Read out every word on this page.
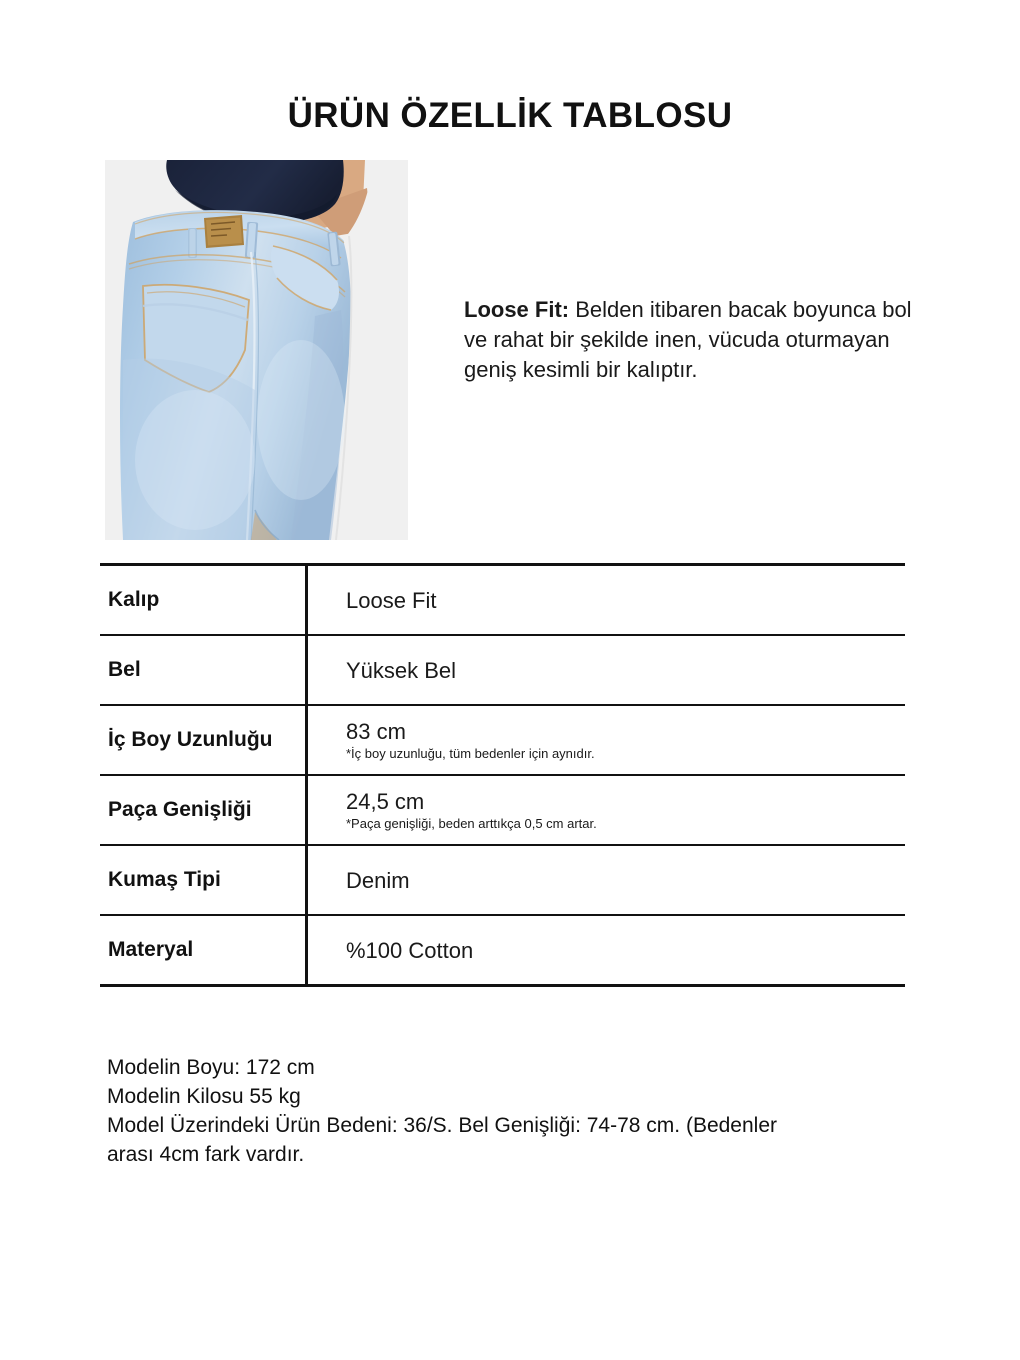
ÜRÜN ÖZELLİK TABLOSU
Loose Fit: Belden itibaren bacak boyunca bol ve rahat bir şekilde inen, vücuda oturmayan geniş kesimli bir kalıptır.
Kalıp	Loose Fit
Bel	Yüksek Bel
İç Boy Uzunluğu	83 cm
*İç boy uzunluğu, tüm bedenler için aynıdır.
Paça Genişliği	24,5 cm
*Paça genişliği, beden arttıkça 0,5 cm artar.
Kumaş Tipi	Denim
Materyal	%100 Cotton
Modelin Boyu: 172 cm
Modelin Kilosu 55 kg
Model Üzerindeki Ürün Bedeni: 36/S. Bel Genişliği: 74-78 cm. (Bedenler
arası 4cm fark vardır.
